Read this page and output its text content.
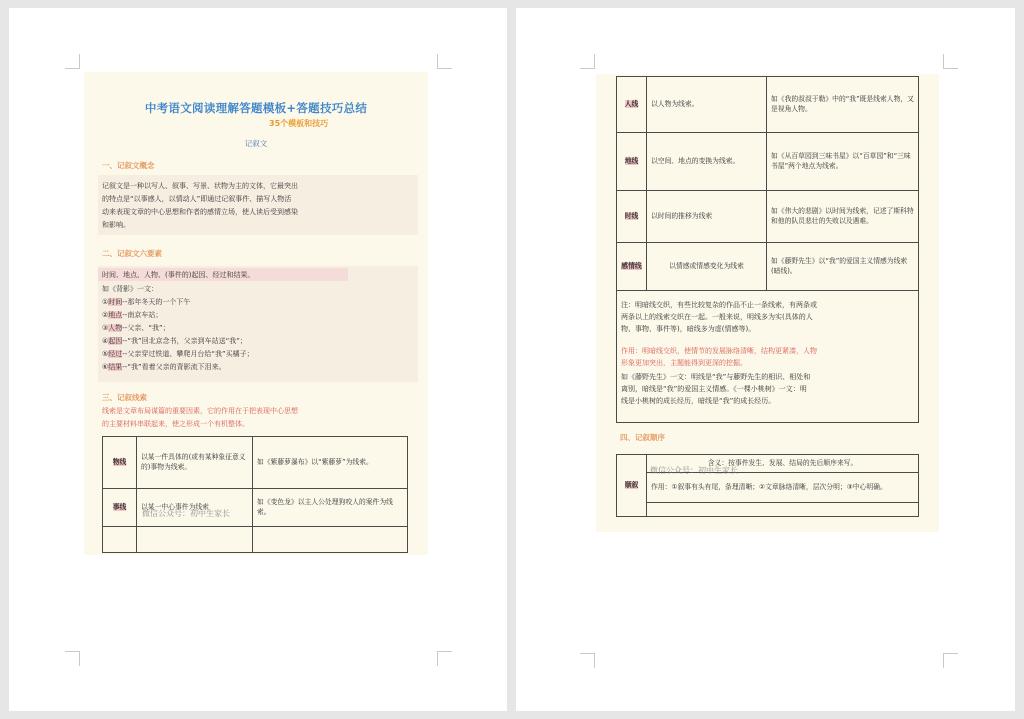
中考语文阅读理解答题模板+答题技巧总结
35个模板和技巧
记叙文
一、记叙文概念
记叙文是一种以写人、叙事、写景、状物为主的文体，它最突出
的特点是“以事感人，以情动人”即通过记叙事件、描写人物活
动来表现文章的中心思想和作者的感情立场，使人读后受到感染
和影响。
二、记叙文六要素
时间、地点、人物、(事件的)起因、经过和结果。
如《背影》一文：
①时间--那年冬天的一个下午
②地点--南京车站；
③人物--父亲、“我”；
④起因--“我”回北京念书，父亲到车站送“我”；
⑤经过--父亲穿过铁道、攀爬月台给“我”买橘子；
⑥结果--“我”看着父亲的背影流下泪来。
三、记叙线索
线索是文章布局谋篇的重要因素，它的作用在于把表现中心思想
的主要材料串联起来，使之形成一个有机整体。
物线	以某一件具体的(或有某种象征意义的)事物为线索。	如《紫藤萝瀑布》以“紫藤萝”为线索。
事线	以某一中心事件为线索	如《变色龙》以主人公处理狗咬人的案件为线索。

微信公众号：初中生家长
人线	以人物为线索。	如《我的叔叔于勒》中的“我”既是线索人物，又是视角人物。
地线	以空间、地点的变换为线索。	如《从百草园到三味书屋》以“百草园”和“三味书屋”两个地点为线索。
时线	以时间的推移为线索	如《伟大的悲剧》以时间为线索，记述了斯科特和他的队员悲壮的失败以及遇难。
感情线	以情感或情感变化为线索	如《藤野先生》以“我”的爱国主义情感为线索(暗线)。
注：明暗线交织，有些比较复杂的作品不止一条线索，有两条或
两条以上的线索交织在一起。一般来说，明线多为实(具体的人
物、事物、事件等)，暗线多为虚(情感等)。
作用：明暗线交织，使情节的发展脉络清晰，结构更紧凑，人物
形象更加突出，主题能得到更深的挖掘。
如《藤野先生》一文：明线是“我”与藤野先生的相识、相处和
离别，暗线是“我”的爱国主义情感。《一棵小桃树》一文：明
线是小桃树的成长经历，暗线是“我”的成长经历。
四、记叙顺序
顺叙	含义：按事件发生、发展、结局的先后顺序来写。
作用：①叙事有头有尾，条理清晰；②文章脉络清晰，层次分明；③中心明确。

微信公众号：初中生家长
